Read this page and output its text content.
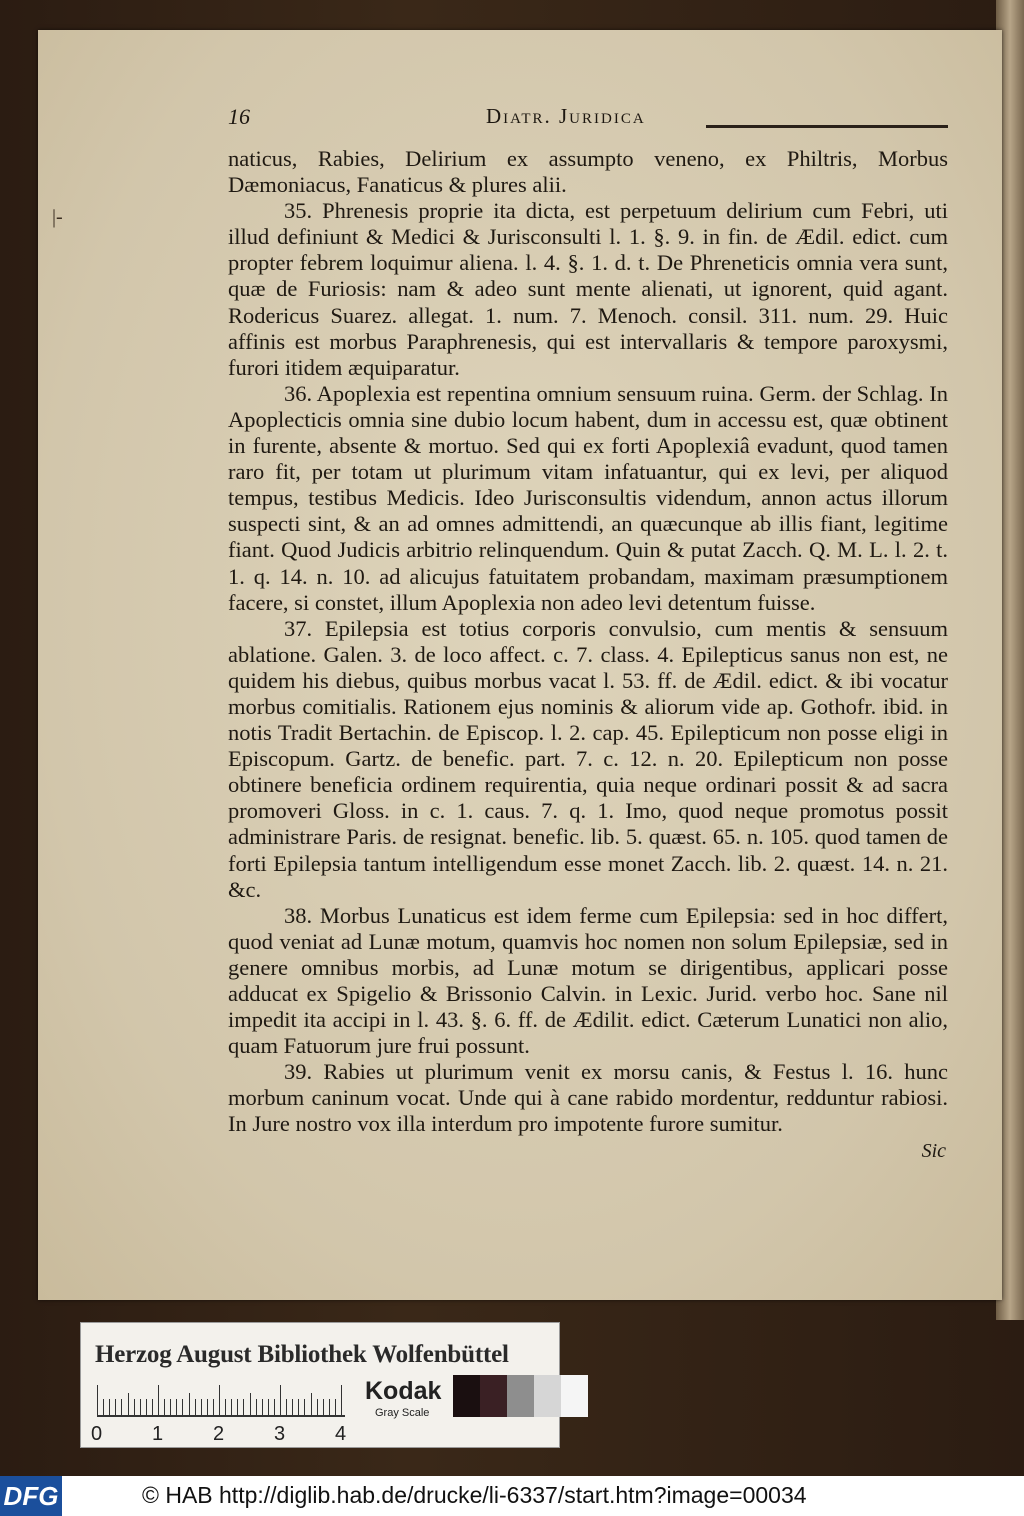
|-
16	Diatr. Juridica

naticus, Rabies, Delirium ex assumpto veneno, ex Philtris, Morbus Dæmoniacus, Fanaticus & plures alii.

35. Phrenesis proprie ita dicta, est perpetuum delirium cum Febri, uti illud definiunt & Medici & Jurisconsulti l. 1. §. 9. in fin. de Ædil. edict. cum propter febrem loquimur aliena. l. 4. §. 1. d. t. De Phreneticis omnia vera sunt, quæ de Furiosis: nam & adeo sunt mente alienati, ut ignorent, quid agant. Rodericus Suarez. allegat. 1. num. 7. Menoch. consil. 311. num. 29. Huic affinis est morbus Paraphrenesis, qui est intervallaris & tempore paroxysmi, furori itidem æquiparatur.

36. Apoplexia est repentina omnium sensuum ruina. Germ. der Schlag. In Apoplecticis omnia sine dubio locum habent, dum in accessu est, quæ obtinent in furente, absente & mortuo. Sed qui ex forti Apoplexiâ evadunt, quod tamen raro fit, per totam ut plurimum vitam infatuantur, qui ex levi, per aliquod tempus, testibus Medicis. Ideo Jurisconsultis videndum, annon actus illorum suspecti sint, & an ad omnes admittendi, an quæcunque ab illis fiant, legitime fiant. Quod Judicis arbitrio relinquendum. Quin & putat Zacch. Q. M. L. l. 2. t. 1. q. 14. n. 10. ad alicujus fatuitatem probandam, maximam præsumptionem facere, si constet, illum Apoplexia non adeo levi detentum fuisse.

37. Epilepsia est totius corporis convulsio, cum mentis & sensuum ablatione. Galen. 3. de loco affect. c. 7. class. 4. Epilepticus sanus non est, ne quidem his diebus, quibus morbus vacat l. 53. ff. de Ædil. edict. & ibi vocatur morbus comitialis. Rationem ejus nominis & aliorum vide ap. Gothofr. ibid. in notis Tradit Bertachin. de Episcop. l. 2. cap. 45. Epilepticum non posse eligi in Episcopum. Gartz. de benefic. part. 7. c. 12. n. 20. Epilepticum non posse obtinere beneficia ordinem requirentia, quia neque ordinari possit & ad sacra promoveri Gloss. in c. 1. caus. 7. q. 1. Imo, quod neque promotus possit administrare Paris. de resignat. benefic. lib. 5. quæst. 65. n. 105. quod tamen de forti Epilepsia tantum intelligendum esse monet Zacch. lib. 2. quæst. 14. n. 21. &c.

38. Morbus Lunaticus est idem ferme cum Epilepsia: sed in hoc differt, quod veniat ad Lunæ motum, quamvis hoc nomen non solum Epilepsiæ, sed in genere omnibus morbis, ad Lunæ motum se dirigentibus, applicari posse adducat ex Spigelio & Brissonio Calvin. in Lexic. Jurid. verbo hoc. Sane nil impedit ita accipi in l. 43. §. 6. ff. de Ædilit. edict. Cæterum Lunatici non alio, quam Fatuorum jure frui possunt.

39. Rabies ut plurimum venit ex morsu canis, & Festus l. 16. hunc morbum caninum vocat. Unde qui à cane rabido mordentur, redduntur rabiosi. In Jure nostro vox illa interdum pro impotente furore sumitur.

Sic
Herzog August Bibliothek Wolfenbüttel
0 1 2 3 4
Kodak
Gray Scale
DFG	© HAB http://diglib.hab.de/drucke/li-6337/start.htm?image=00034
